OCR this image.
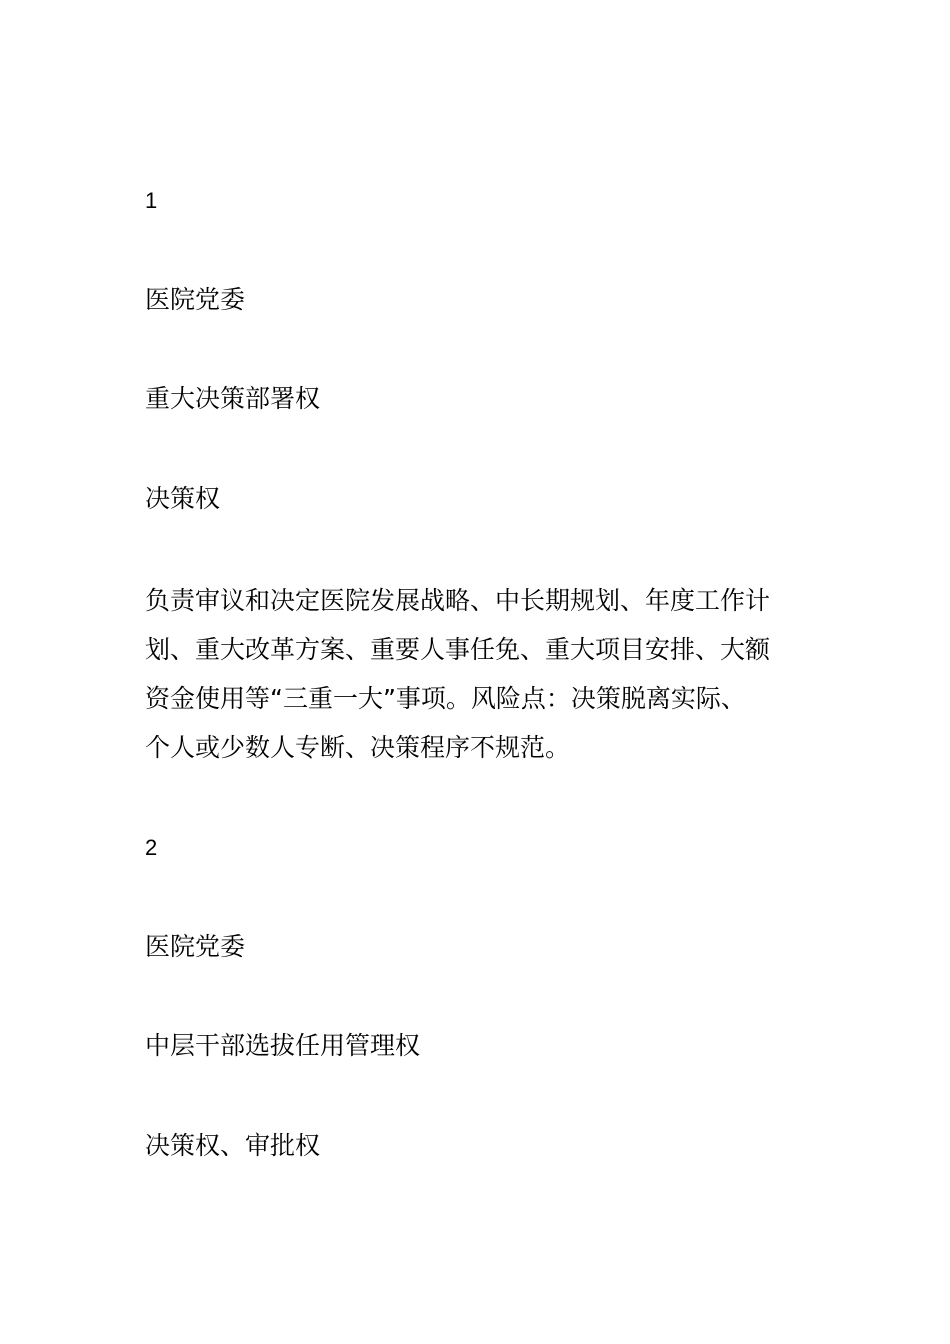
1
医院党委
重大决策部署权
决策权
负责审议和决定医院发展战略、中长期规划、年度工作计
划、重大改革方案、重要人事任免、重大项目安排、大额
资金使用等“三重一大”事项。风险点：决策脱离实际、
个人或少数人专断、决策程序不规范。
2
医院党委
中层干部选拔任用管理权
决策权、审批权
